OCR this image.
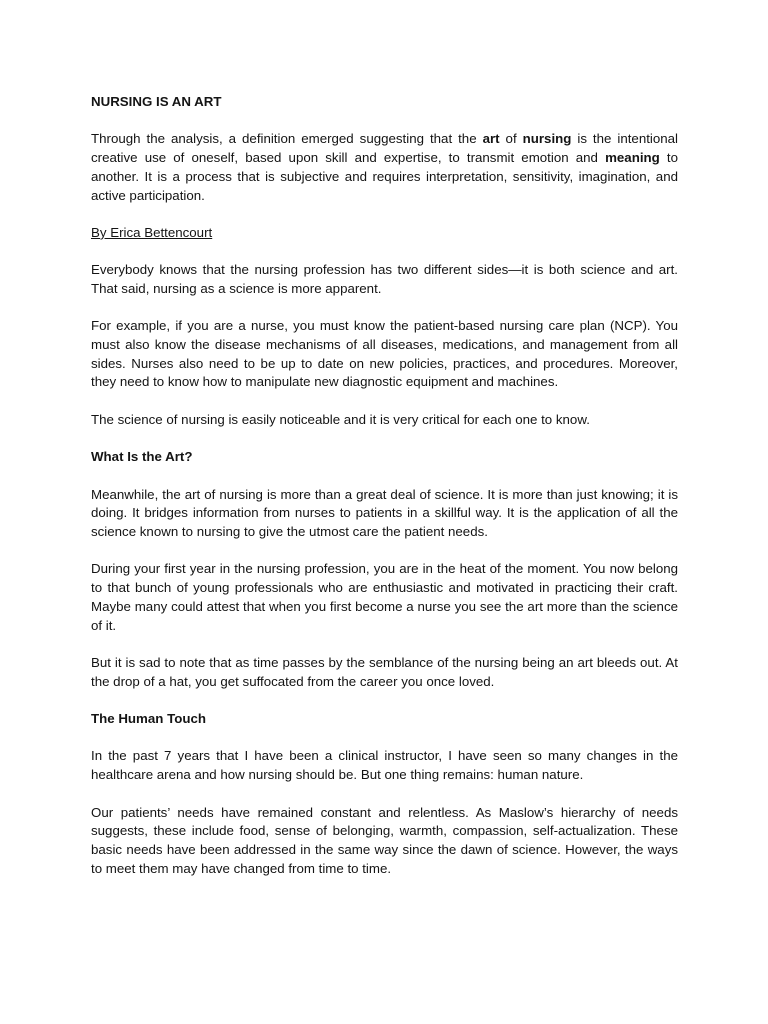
NURSING IS AN ART

Through the analysis, a definition emerged suggesting that the art of nursing is the intentional creative use of oneself, based upon skill and expertise, to transmit emotion and meaning to another. It is a process that is subjective and requires interpretation, sensitivity, imagination, and active participation.

By Erica Bettencourt

Everybody knows that the nursing profession has two different sides—it is both science and art. That said, nursing as a science is more apparent.

For example, if you are a nurse, you must know the patient-based nursing care plan (NCP). You must also know the disease mechanisms of all diseases, medications, and management from all sides. Nurses also need to be up to date on new policies, practices, and procedures. Moreover, they need to know how to manipulate new diagnostic equipment and machines.

The science of nursing is easily noticeable and it is very critical for each one to know.

What Is the Art?

Meanwhile, the art of nursing is more than a great deal of science. It is more than just knowing; it is doing. It bridges information from nurses to patients in a skillful way. It is the application of all the science known to nursing to give the utmost care the patient needs.

During your first year in the nursing profession, you are in the heat of the moment. You now belong to that bunch of young professionals who are enthusiastic and motivated in practicing their craft. Maybe many could attest that when you first become a nurse you see the art more than the science of it.

But it is sad to note that as time passes by the semblance of the nursing being an art bleeds out. At the drop of a hat, you get suffocated from the career you once loved.

The Human Touch

In the past 7 years that I have been a clinical instructor, I have seen so many changes in the healthcare arena and how nursing should be. But one thing remains: human nature.

Our patients’ needs have remained constant and relentless. As Maslow’s hierarchy of needs suggests, these include food, sense of belonging, warmth, compassion, self-actualization. These basic needs have been addressed in the same way since the dawn of science. However, the ways to meet them may have changed from time to time.
